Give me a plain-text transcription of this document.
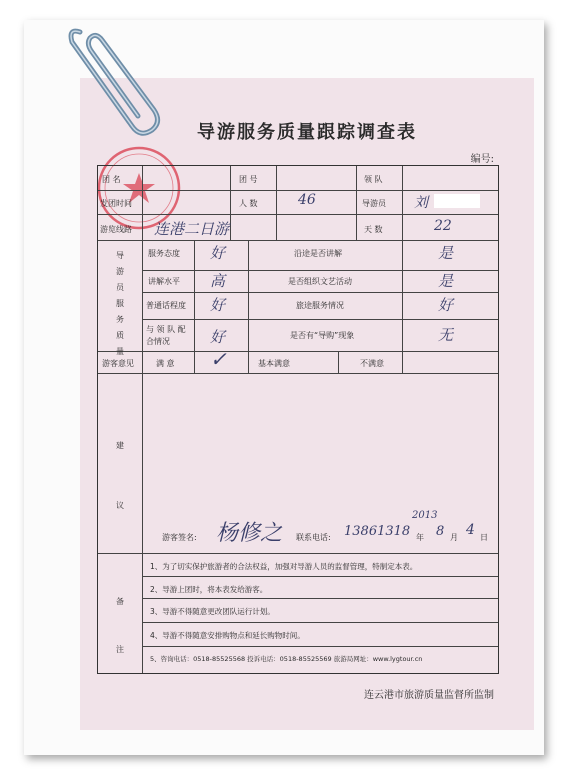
导游服务质量跟踪调查表
编号:
团 名	团 号	领 队
发团时间	人 数	46	导游员 刘
游览线路 连港二日游	天 数	22
导游员服务质量
服务态度 好	沿途是否讲解	是
讲解水平 高	是否组织文艺活动	是
普通话程度 好	旅途服务情况	好
与 领 队 配合情况	好	是否有“导购”现象	无
游客意见	满 意 ✓	基本满意	不满意
建 议
游客签名: 杨修之 联系电话: 13861318
2013
年 8 月 4 日
备 注
1、为了切实保护旅游者的合法权益，加强对导游人员的监督管理，特制定本表。
2、导游上团时，将本表发给游客。
3、导游不得随意更改团队运行计划。
4、导游不得随意安排购物点和延长购物时间。
5、咨询电话：0518-85525568 投诉电话：0518-85525569 旅游局网址：www.lygtour.cn
连云港市旅游质量监督所监制
